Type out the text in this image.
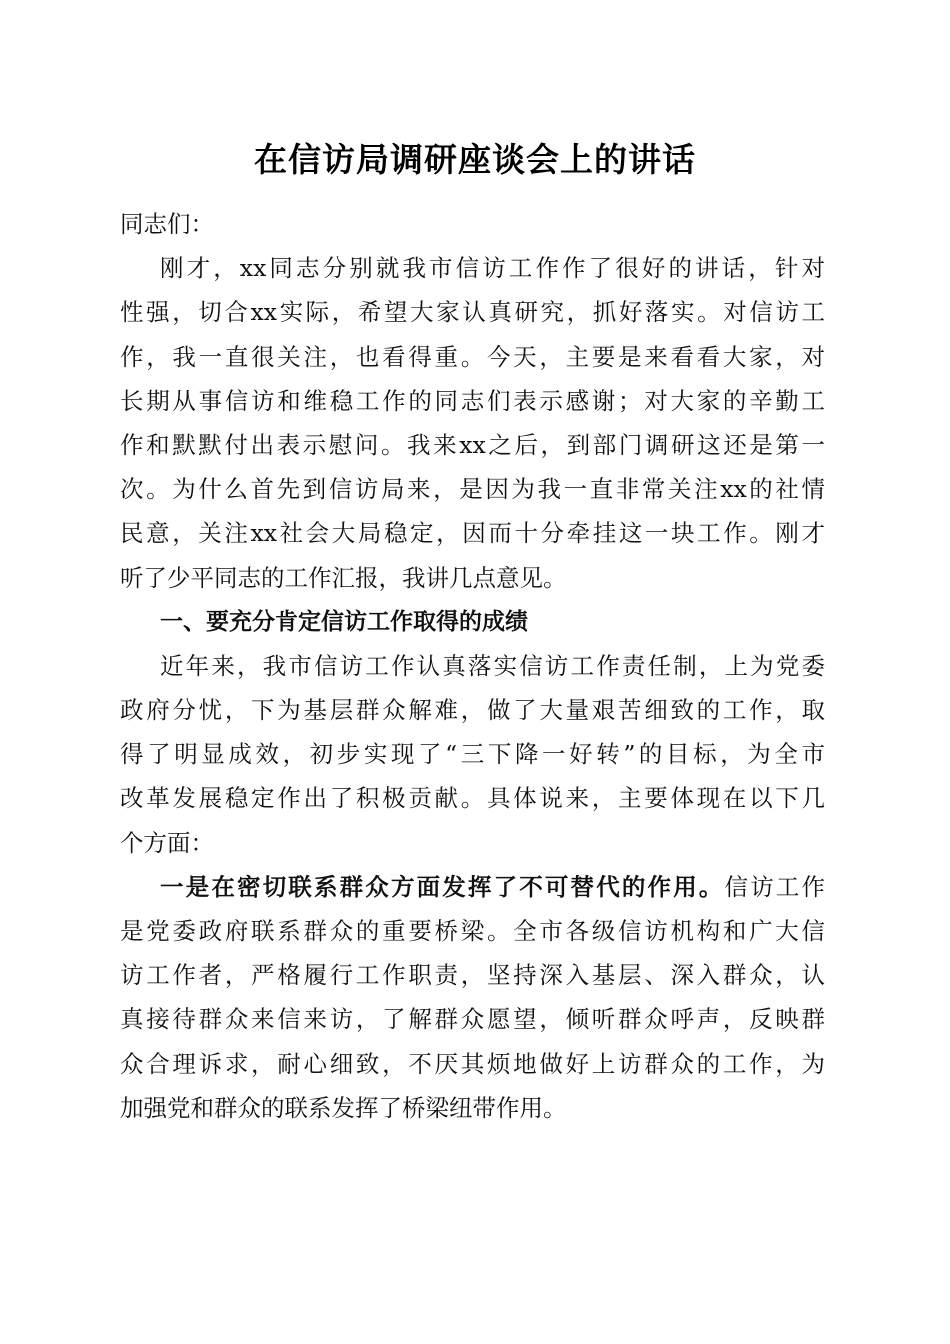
在信访局调研座谈会上的讲话
同志们：
刚才，xx同志分别就我市信访工作作了很好的讲话，针对
性强，切合xx实际，希望大家认真研究，抓好落实。对信访工
作，我一直很关注，也看得重。今天，主要是来看看大家，对
长期从事信访和维稳工作的同志们表示感谢；对大家的辛勤工
作和默默付出表示慰问。我来xx之后，到部门调研这还是第一
次。为什么首先到信访局来，是因为我一直非常关注xx的社情
民意，关注xx社会大局稳定，因而十分牵挂这一块工作。刚才
听了少平同志的工作汇报，我讲几点意见。
一、要充分肯定信访工作取得的成绩
近年来，我市信访工作认真落实信访工作责任制，上为党委
政府分忧，下为基层群众解难，做了大量艰苦细致的工作，取
得了明显成效，初步实现了“三下降一好转”的目标，为全市
改革发展稳定作出了积极贡献。具体说来，主要体现在以下几
个方面：
一是在密切联系群众方面发挥了不可替代的作用。信访工作
是党委政府联系群众的重要桥梁。全市各级信访机构和广大信
访工作者，严格履行工作职责，坚持深入基层、深入群众，认
真接待群众来信来访，了解群众愿望，倾听群众呼声，反映群
众合理诉求，耐心细致，不厌其烦地做好上访群众的工作，为
加强党和群众的联系发挥了桥梁纽带作用。
